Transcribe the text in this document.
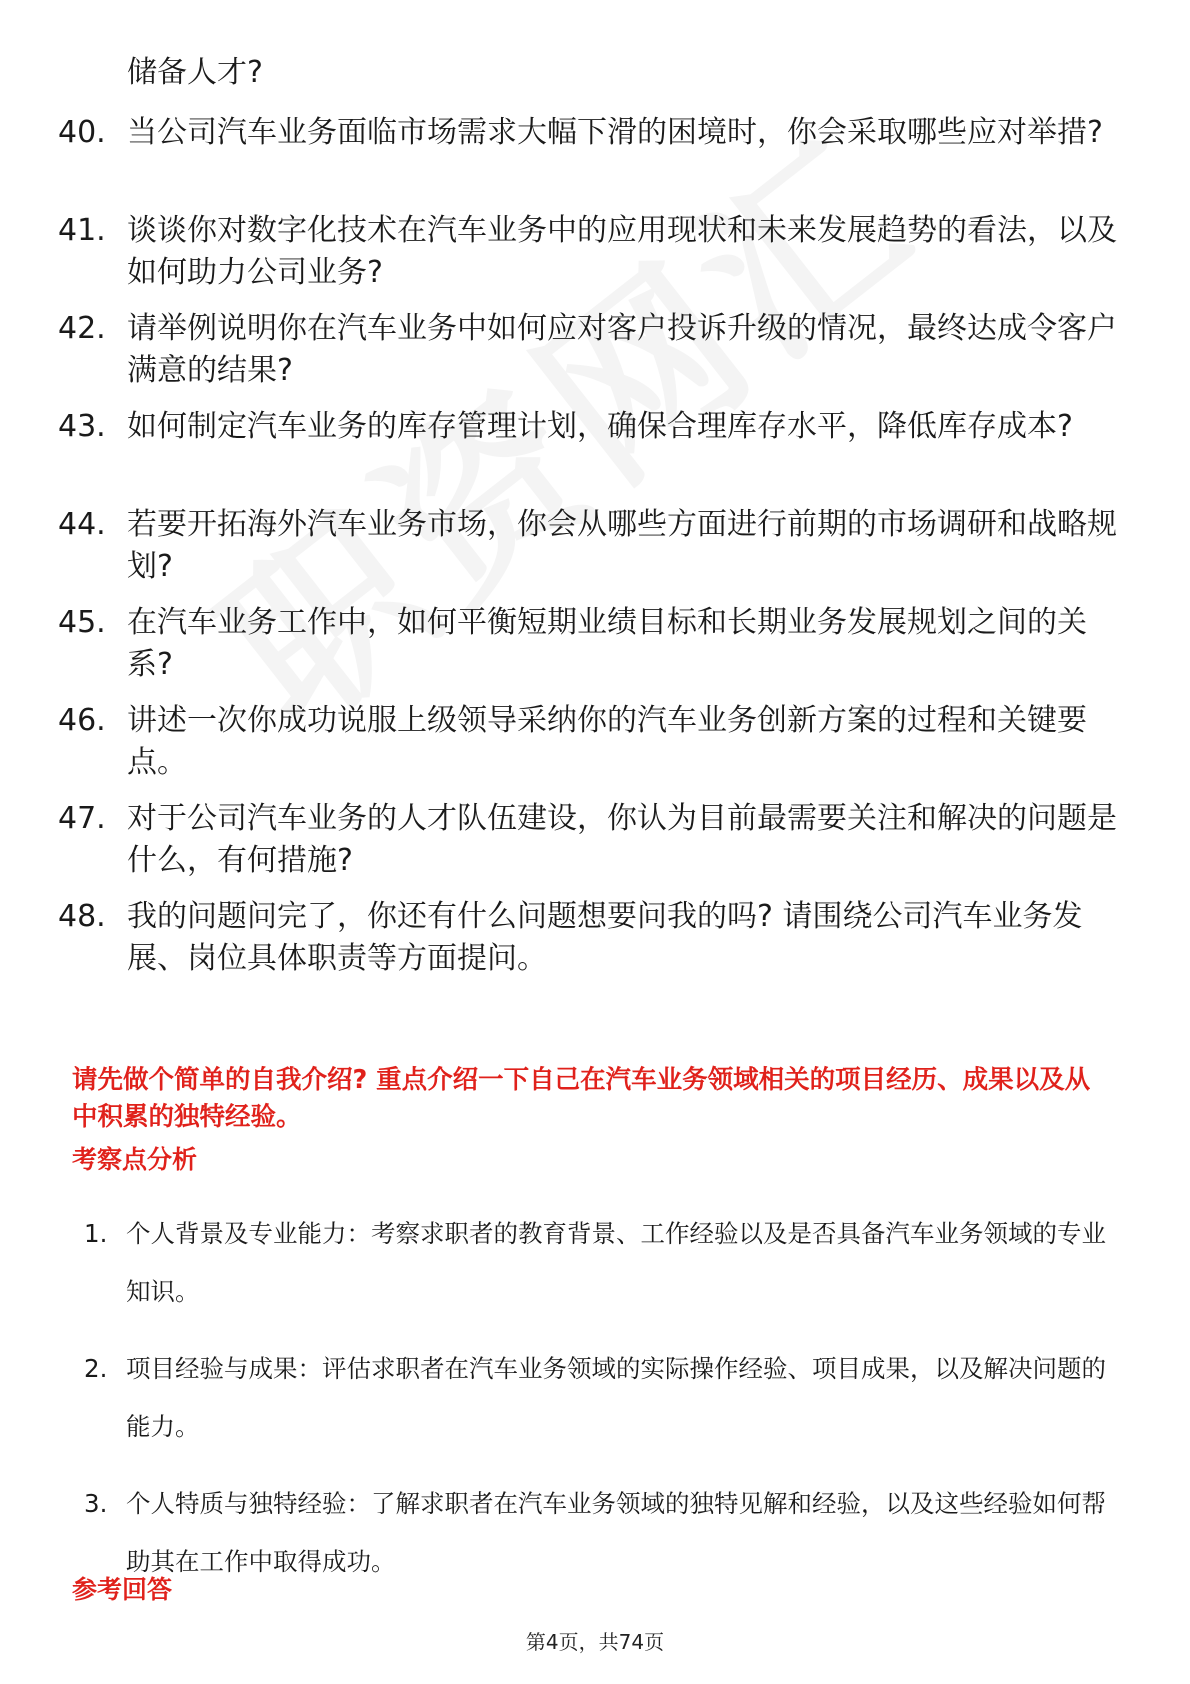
储备人才?
40. 当公司汽车业务面临市场需求大幅下滑的困境时，你会采取哪些应对举措?
41. 谈谈你对数字化技术在汽车业务中的应用现状和未来发展趋势的看法，以及如何助力公司业务?
42. 请举例说明你在汽车业务中如何应对客户投诉升级的情况，最终达成令客户满意的结果?
43. 如何制定汽车业务的库存管理计划，确保合理库存水平，降低库存成本?
44. 若要开拓海外汽车业务市场，你会从哪些方面进行前期的市场调研和战略规划?
45. 在汽车业务工作中，如何平衡短期业绩目标和长期业务发展规划之间的关系?
46. 讲述一次你成功说服上级领导采纳你的汽车业务创新方案的过程和关键要点。
47. 对于公司汽车业务的人才队伍建设，你认为目前最需要关注和解决的问题是什么，有何措施?
48. 我的问题问完了，你还有什么问题想要问我的吗? 请围绕公司汽车业务发展、岗位具体职责等方面提问。
请先做个简单的自我介绍? 重点介绍一下自己在汽车业务领域相关的项目经历、成果以及从中积累的独特经验。
考察点分析
1. 个人背景及专业能力：考察求职者的教育背景、工作经验以及是否具备汽车业务领域的专业知识。
2. 项目经验与成果：评估求职者在汽车业务领域的实际操作经验、项目成果，以及解决问题的能力。
3. 个人特质与独特经验：了解求职者在汽车业务领域的独特见解和经验，以及这些经验如何帮助其在工作中取得成功。
参考回答
第4页，共74页
